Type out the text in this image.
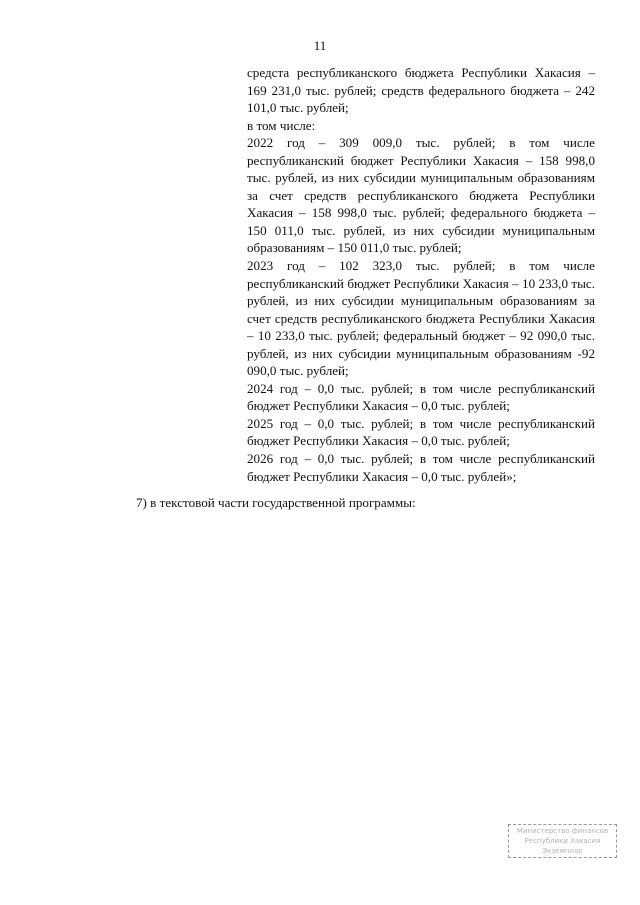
11

средста республиканского бюджета Республики Хакасия – 169 231,0 тыс. рублей; средств федерального бюджета – 242 101,0 тыс. рублей;

в том числе:

2022 год – 309 009,0 тыс. рублей; в том числе республиканский бюджет Республики Хакасия – 158 998,0 тыс. рублей, из них субсидии муниципальным образованиям за счет средств республиканского бюджета Республики Хакасия – 158 998,0 тыс. рублей; федерального бюджета – 150 011,0 тыс. рублей, из них субсидии муниципальным образованиям – 150 011,0 тыс. рублей;

2023 год – 102 323,0 тыс. рублей; в том числе республиканский бюджет Республики Хакасия – 10 233,0 тыс. рублей, из них субсидии муниципальным образованиям за счет средств республиканского бюджета Республики Хакасия – 10 233,0 тыс. рублей; федеральный бюджет – 92 090,0 тыс. рублей, из них субсидии муниципальным образованиям -92 090,0 тыс. рублей;

2024 год – 0,0 тыс. рублей; в том числе республиканский бюджет Республики Хакасия – 0,0 тыс. рублей;

2025 год – 0,0 тыс. рублей; в том числе республиканский бюджет Республики Хакасия – 0,0 тыс. рублей;

2026 год – 0,0 тыс. рублей; в том числе республиканский бюджет Республики Хакасия – 0,0 тыс. рублей»;

7) в текстовой части государственной программы:
Министерство финансов
Республики Хакасия
Экземпляр
